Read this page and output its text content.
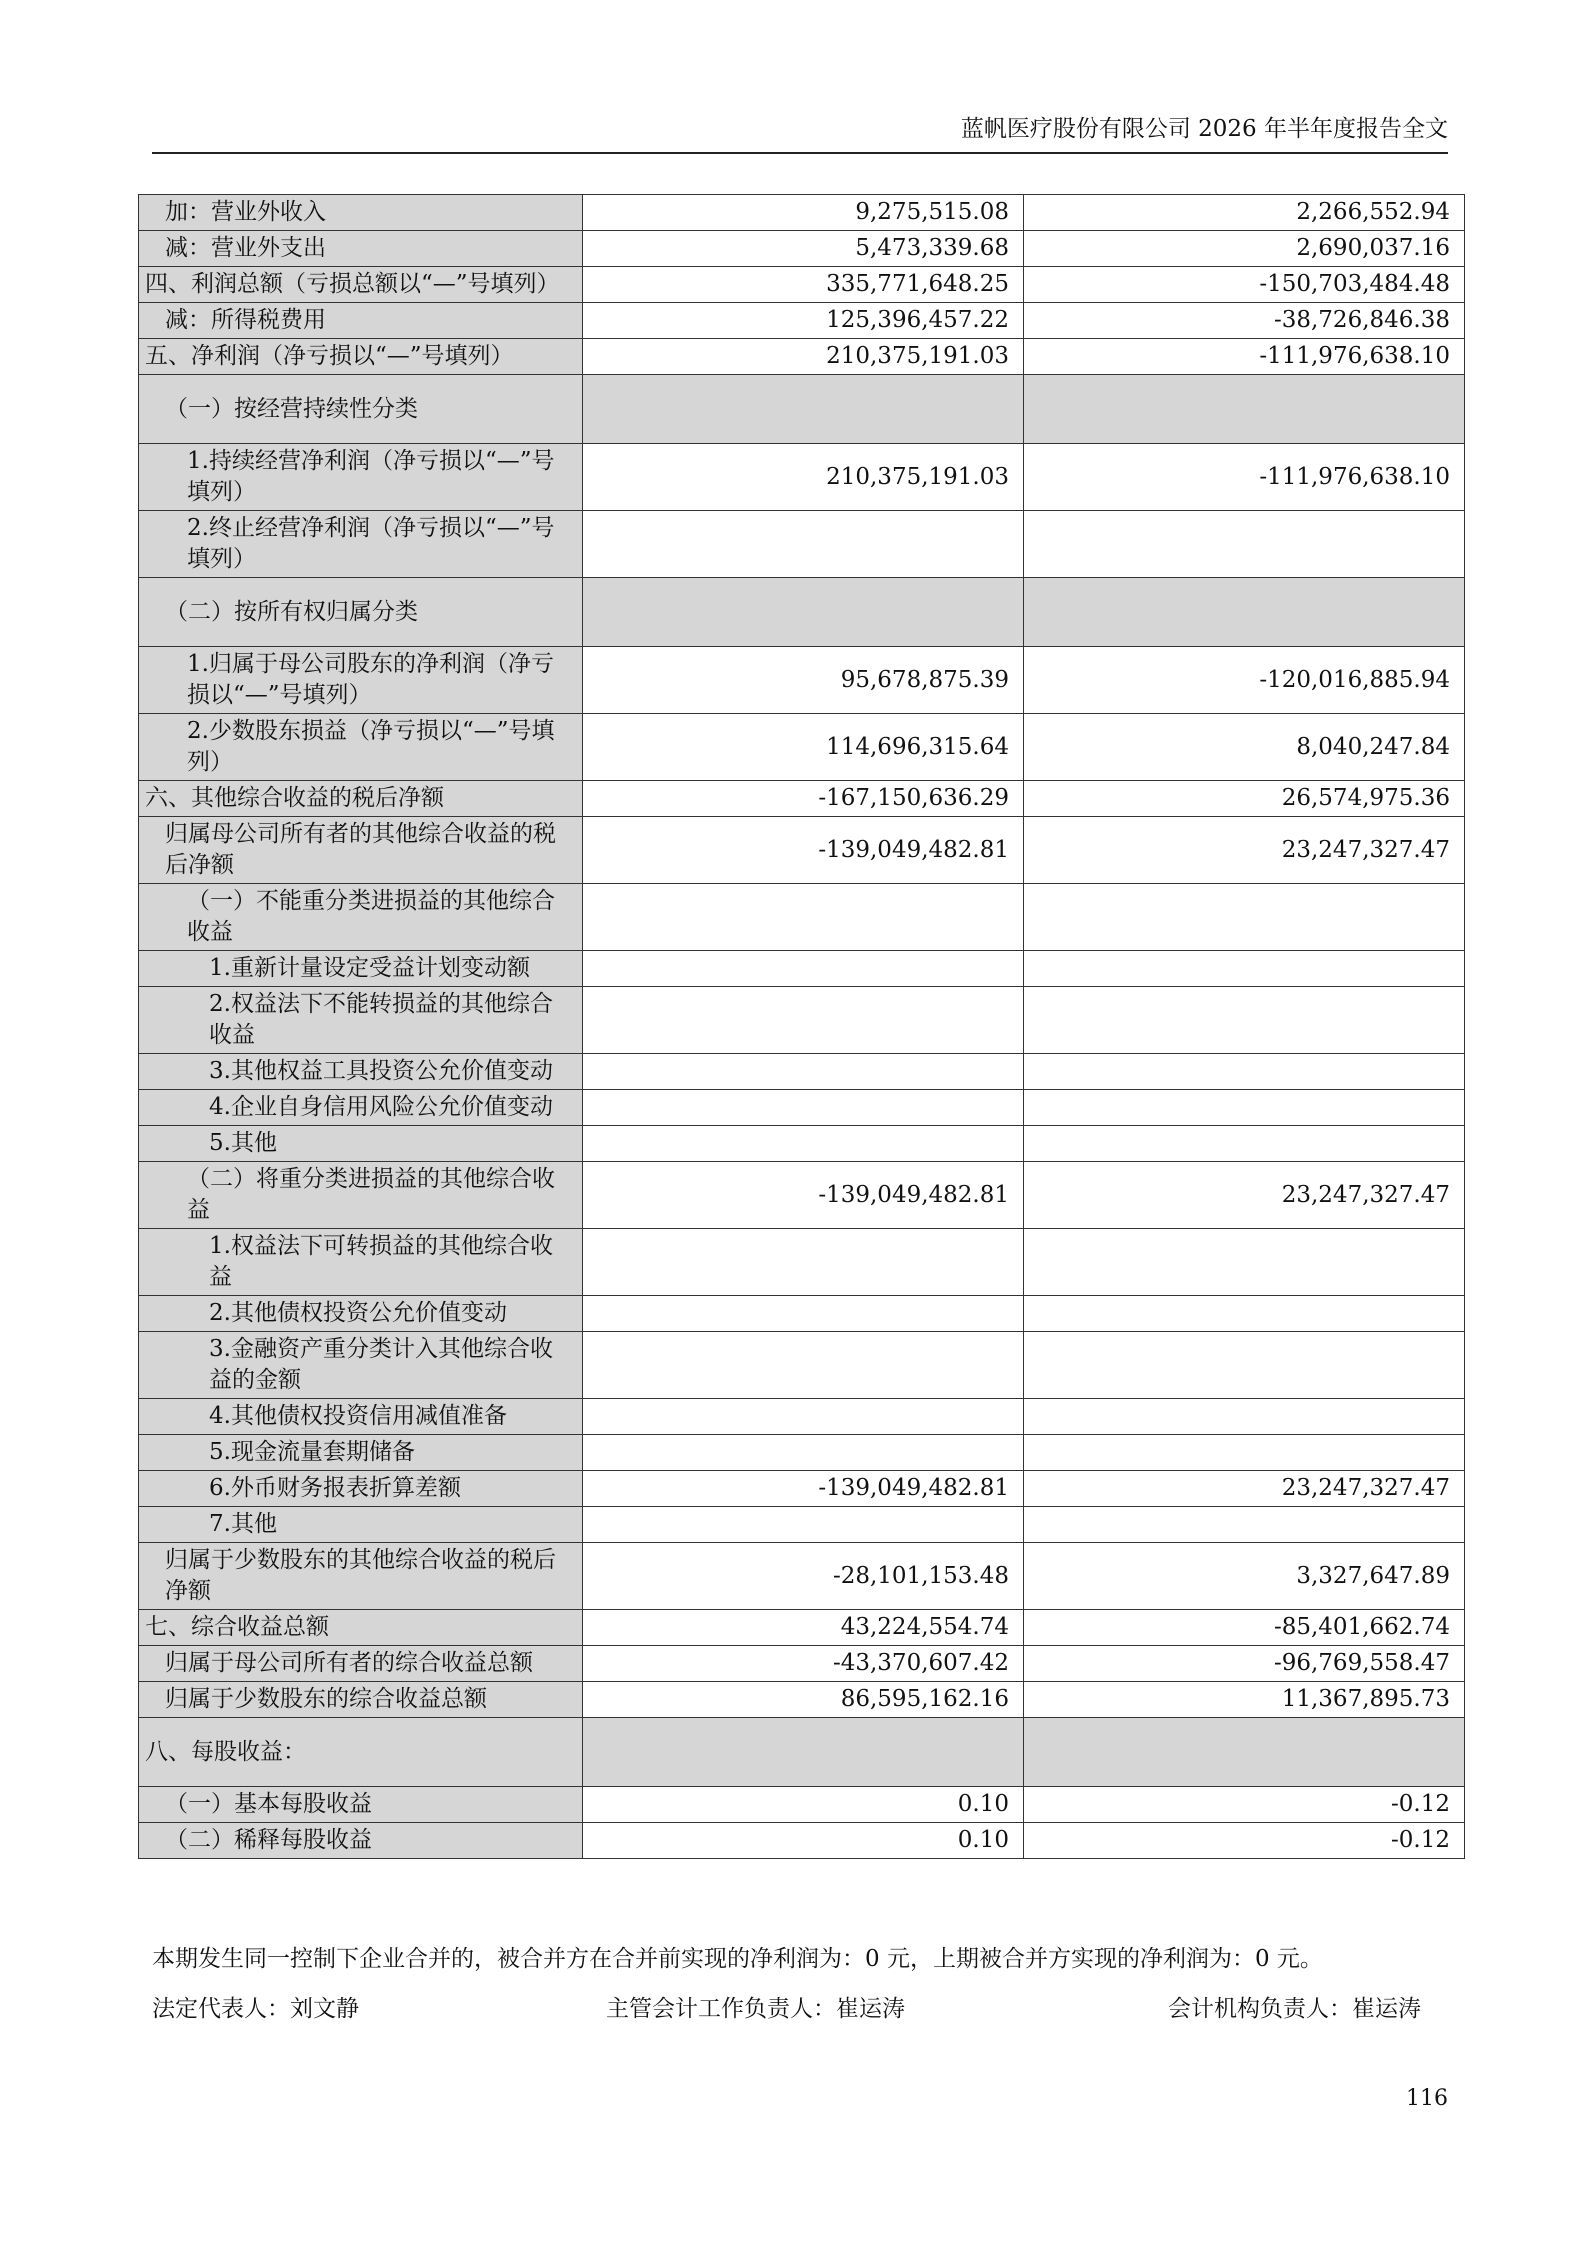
蓝帆医疗股份有限公司 2026 年半年度报告全文
加：营业外收入	9,275,515.08	2,266,552.94
减：营业外支出	5,473,339.68	2,690,037.16
四、利润总额（亏损总额以“—”号填列）	335,771,648.25	-150,703,484.48
减：所得税费用	125,396,457.22	-38,726,846.38
五、净利润（净亏损以“—”号填列）	210,375,191.03	-111,976,638.10
（一）按经营持续性分类		
1.持续经营净利润（净亏损以“—”号填列）	210,375,191.03	-111,976,638.10
2.终止经营净利润（净亏损以“—”号填列）		
（二）按所有权归属分类		
1.归属于母公司股东的净利润（净亏损以“—”号填列）	95,678,875.39	-120,016,885.94
2.少数股东损益（净亏损以“—”号填列）	114,696,315.64	8,040,247.84
六、其他综合收益的税后净额	-167,150,636.29	26,574,975.36
归属母公司所有者的其他综合收益的税后净额	-139,049,482.81	23,247,327.47
（一）不能重分类进损益的其他综合收益		
1.重新计量设定受益计划变动额		
2.权益法下不能转损益的其他综合收益		
3.其他权益工具投资公允价值变动		
4.企业自身信用风险公允价值变动		
5.其他		
（二）将重分类进损益的其他综合收益	-139,049,482.81	23,247,327.47
1.权益法下可转损益的其他综合收益		
2.其他债权投资公允价值变动		
3.金融资产重分类计入其他综合收益的金额		
4.其他债权投资信用减值准备		
5.现金流量套期储备		
6.外币财务报表折算差额	-139,049,482.81	23,247,327.47
7.其他		
归属于少数股东的其他综合收益的税后净额	-28,101,153.48	3,327,647.89
七、综合收益总额	43,224,554.74	-85,401,662.74
归属于母公司所有者的综合收益总额	-43,370,607.42	-96,769,558.47
归属于少数股东的综合收益总额	86,595,162.16	11,367,895.73
八、每股收益：		
（一）基本每股收益	0.10	-0.12
（二）稀释每股收益	0.10	-0.12
本期发生同一控制下企业合并的，被合并方在合并前实现的净利润为：0 元，上期被合并方实现的净利润为：0 元。
法定代表人：刘文静	主管会计工作负责人：崔运涛	会计机构负责人：崔运涛
116
